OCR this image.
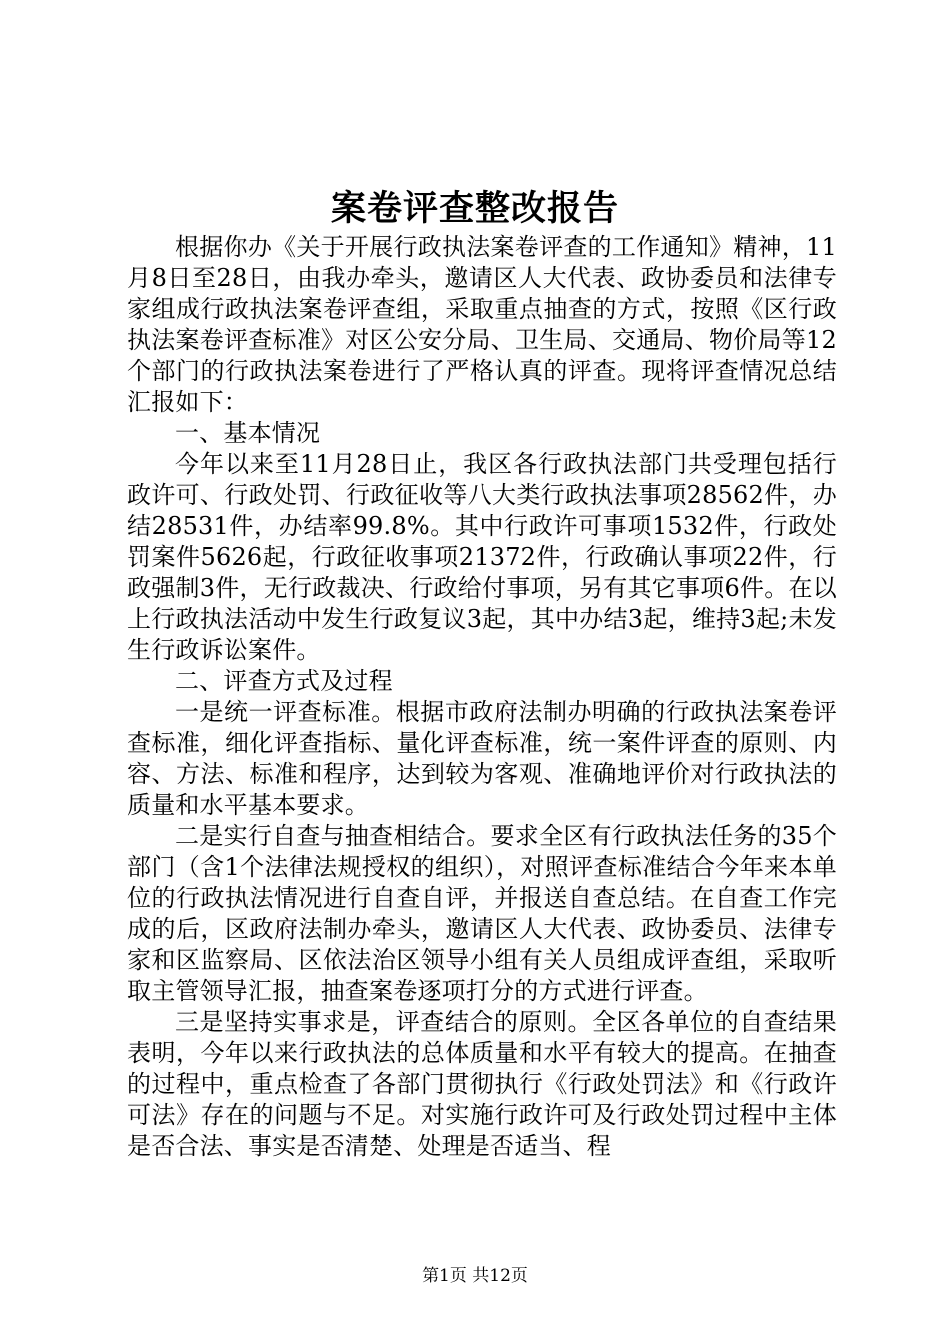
案卷评查整改报告

根据你办《关于开展行政执法案卷评查的工作通知》精神，11月8日至28日，由我办牵头，邀请区人大代表、政协委员和法律专家组成行政执法案卷评查组，采取重点抽查的方式，按照《区行政执法案卷评查标准》对区公安分局、卫生局、交通局、物价局等12个部门的行政执法案卷进行了严格认真的评查。现将评查情况总结汇报如下：

一、基本情况

今年以来至11月28日止，我区各行政执法部门共受理包括行政许可、行政处罚、行政征收等八大类行政执法事项28562件，办结28531件，办结率99.8%。其中行政许可事项1532件，行政处罚案件5626起，行政征收事项21372件，行政确认事项22件，行政强制3件，无行政裁决、行政给付事项，另有其它事项6件。在以上行政执法活动中发生行政复议3起，其中办结3起，维持3起;未发生行政诉讼案件。

二、评查方式及过程

一是统一评查标准。根据市政府法制办明确的行政执法案卷评查标准，细化评查指标、量化评查标准，统一案件评查的原则、内容、方法、标准和程序，达到较为客观、准确地评价对行政执法的质量和水平基本要求。

二是实行自查与抽查相结合。要求全区有行政执法任务的35个部门（含1个法律法规授权的组织），对照评查标准结合今年来本单位的行政执法情况进行自查自评，并报送自查总结。在自查工作完成的后，区政府法制办牵头，邀请区人大代表、政协委员、法律专家和区监察局、区依法治区领导小组有关人员组成评查组，采取听取主管领导汇报，抽查案卷逐项打分的方式进行评查。

三是坚持实事求是，评查结合的原则。全区各单位的自查结果表明，今年以来行政执法的总体质量和水平有较大的提高。在抽查的过程中，重点检查了各部门贯彻执行《行政处罚法》和《行政许可法》存在的问题与不足。对实施行政许可及行政处罚过程中主体是否合法、事实是否清楚、处理是否适当、程

第1页 共12页
